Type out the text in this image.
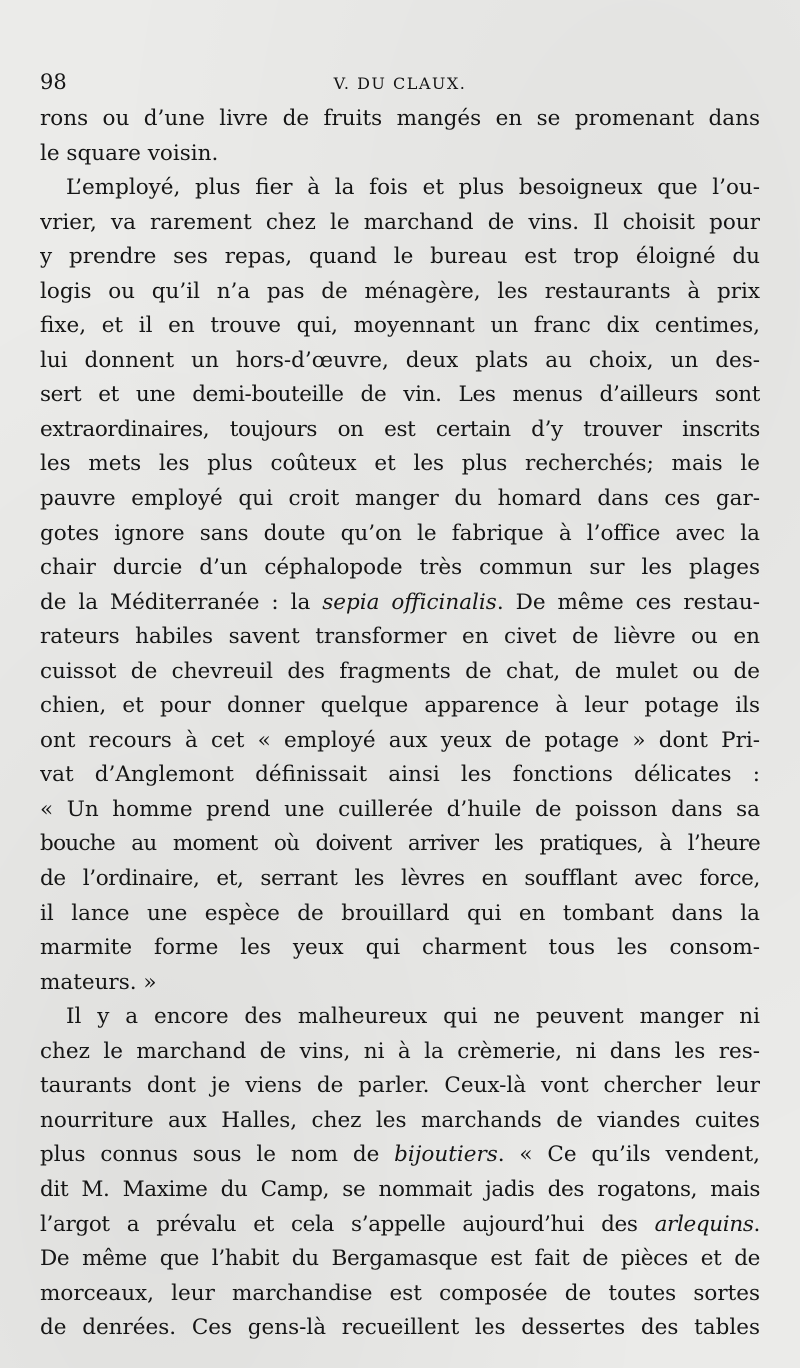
98	V. DU CLAUX.
rons ou d’une livre de fruits mangés en se promenant dans
le square voisin.
L’employé, plus fier à la fois et plus besoigneux que l’ou-
vrier, va rarement chez le marchand de vins. Il choisit pour
y prendre ses repas, quand le bureau est trop éloigné du
logis ou qu’il n’a pas de ménagère, les restaurants à prix
fixe, et il en trouve qui, moyennant un franc dix centimes,
lui donnent un hors-d’œuvre, deux plats au choix, un des-
sert et une demi-bouteille de vin. Les menus d’ailleurs sont
extraordinaires, toujours on est certain d’y trouver inscrits
les mets les plus coûteux et les plus recherchés; mais le
pauvre employé qui croit manger du homard dans ces gar-
gotes ignore sans doute qu’on le fabrique à l’office avec la
chair durcie d’un céphalopode très commun sur les plages
de la Méditerranée : la sepia officinalis. De même ces restau-
rateurs habiles savent transformer en civet de lièvre ou en
cuissot de chevreuil des fragments de chat, de mulet ou de
chien, et pour donner quelque apparence à leur potage ils
ont recours à cet « employé aux yeux de potage » dont Pri-
vat d’Anglemont définissait ainsi les fonctions délicates :
« Un homme prend une cuillerée d’huile de poisson dans sa
bouche au moment où doivent arriver les pratiques, à l’heure
de l’ordinaire, et, serrant les lèvres en soufflant avec force,
il lance une espèce de brouillard qui en tombant dans la
marmite forme les yeux qui charment tous les consom-
mateurs. »
Il y a encore des malheureux qui ne peuvent manger ni
chez le marchand de vins, ni à la crèmerie, ni dans les res-
taurants dont je viens de parler. Ceux-là vont chercher leur
nourriture aux Halles, chez les marchands de viandes cuites
plus connus sous le nom de bijoutiers. « Ce qu’ils vendent,
dit M. Maxime du Camp, se nommait jadis des rogatons, mais
l’argot a prévalu et cela s’appelle aujourd’hui des arlequins.
De même que l’habit du Bergamasque est fait de pièces et de
morceaux, leur marchandise est composée de toutes sortes
de denrées. Ces gens-là recueillent les dessertes des tables
